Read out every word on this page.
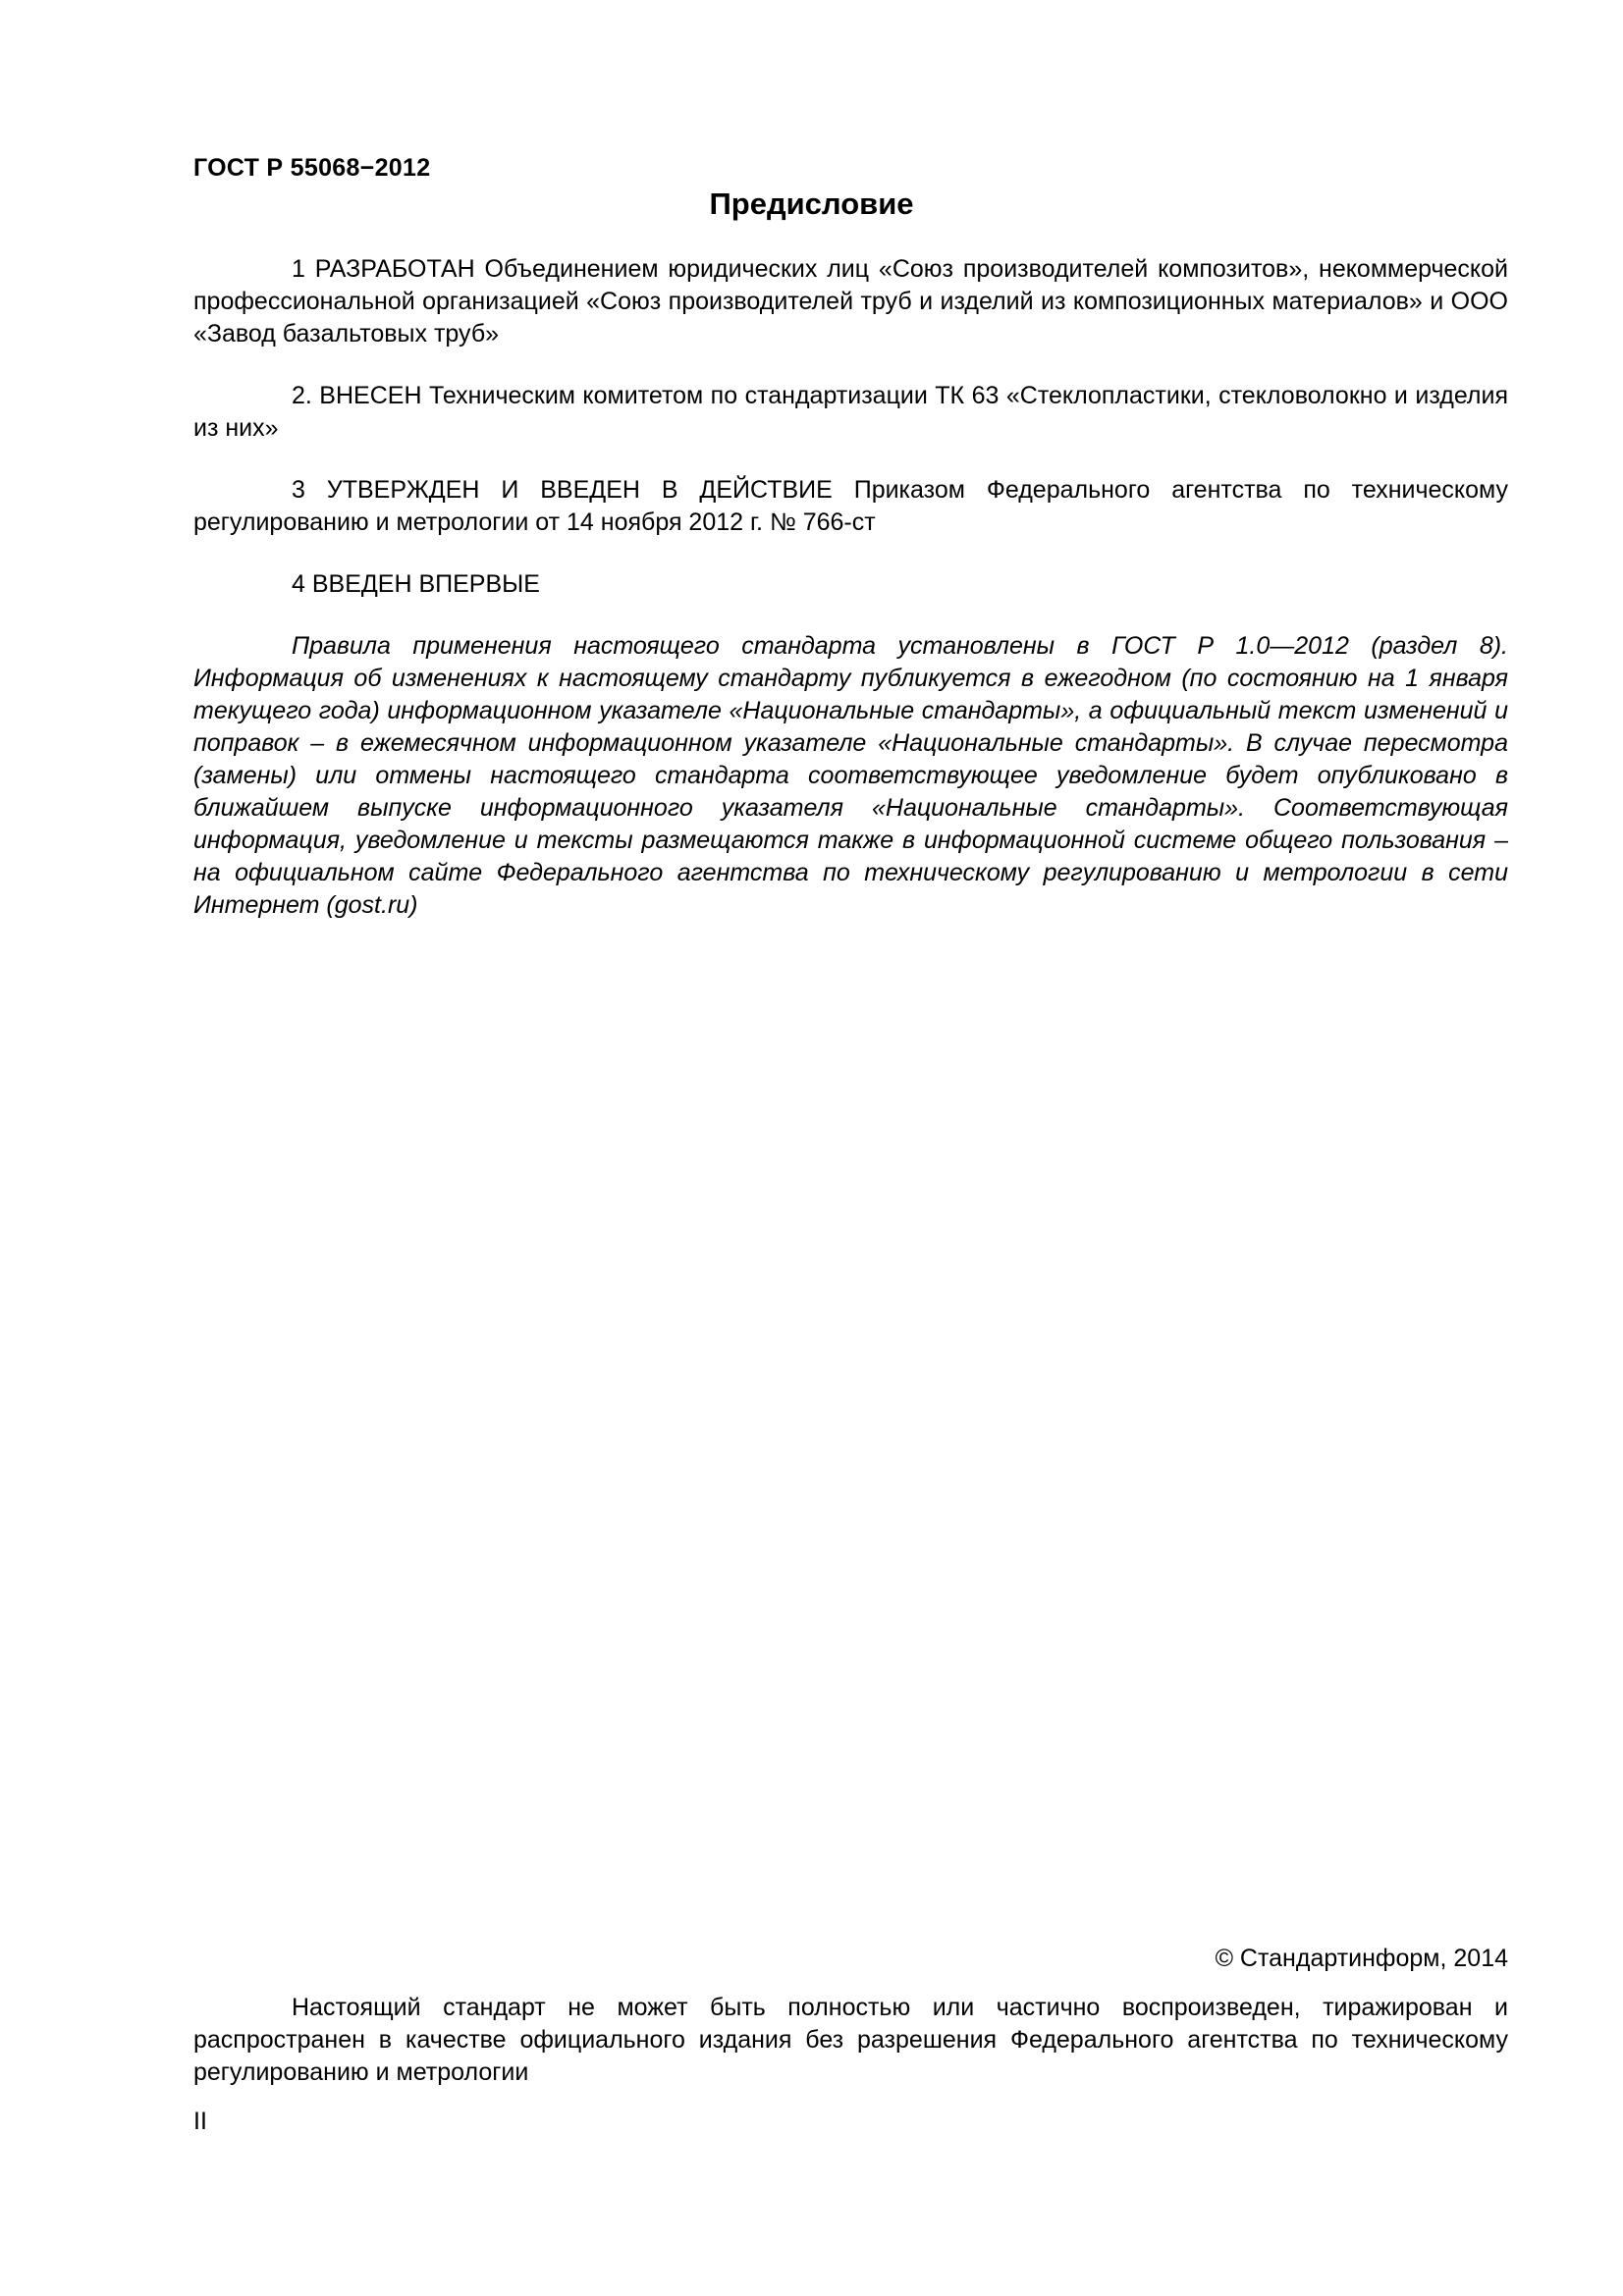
ГОСТ Р 55068−2012
Предисловие

1 РАЗРАБОТАН Объединением юридических лиц «Союз производителей композитов», некоммерческой профессиональной организацией «Союз производителей труб и изделий из композиционных материалов» и ООО «Завод базальтовых труб»

2. ВНЕСЕН Техническим комитетом по стандартизации ТК 63 «Стеклопластики, стекловолокно и изделия из них»

3 УТВЕРЖДЕН И ВВЕДЕН В ДЕЙСТВИЕ Приказом Федерального агентства по техническому регулированию и метрологии от 14 ноября 2012 г. № 766-ст

4 ВВЕДЕН ВПЕРВЫЕ

Правила применения настоящего стандарта установлены в ГОСТ Р 1.0—2012 (раздел 8). Информация об изменениях к настоящему стандарту публикуется в ежегодном (по состоянию на 1 января текущего года) информационном указателе «Национальные стандарты», а официальный текст изменений и поправок – в ежемесячном информационном указателе «Национальные стандарты». В случае пересмотра (замены) или отмены настоящего стандарта соответствующее уведомление будет опубликовано в ближайшем выпуске информационного указателя «Национальные стандарты». Соответствующая информация, уведомление и тексты размещаются также в информационной системе общего пользования – на официальном сайте Федерального агентства по техническому регулированию и метрологии в сети Интернет (gost.ru)

© Стандартинформ, 2014

Настоящий стандарт не может быть полностью или частично воспроизведен, тиражирован и распространен в качестве официального издания без разрешения Федерального агентства по техническому регулированию и метрологии

II
